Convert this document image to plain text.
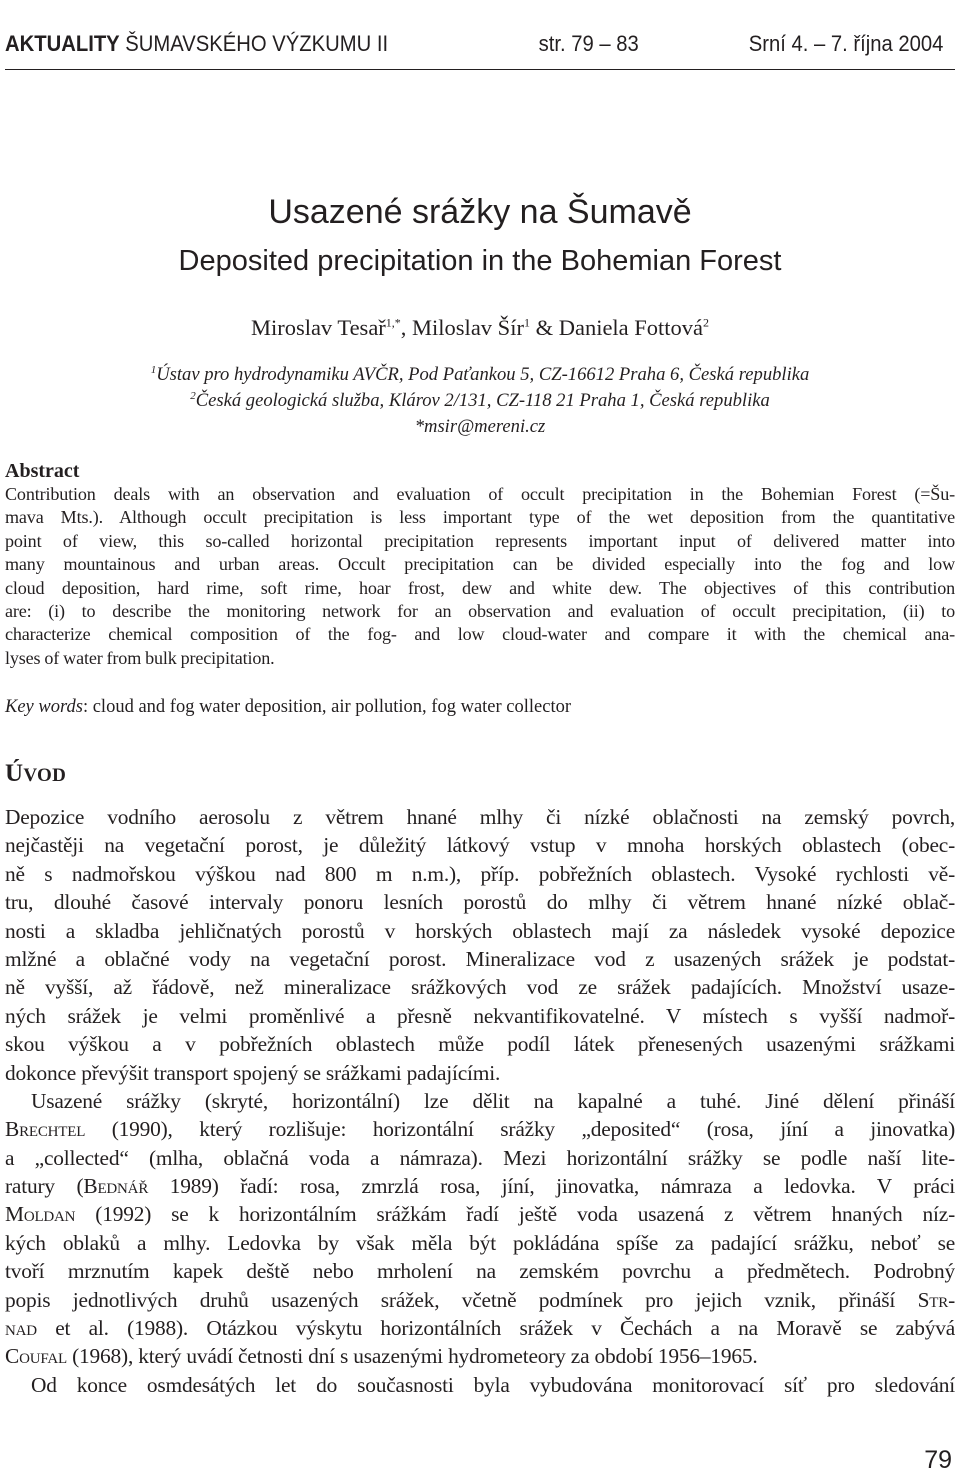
AKTUALITY ŠUMAVSKÉHO VÝZKUMU II	str. 79 – 83	Srní 4. – 7. října 2004
Usazené srážky na Šumavě
Deposited precipitation in the Bohemian Forest
Miroslav Tesař$^{1,*}$, Miloslav Šír$^1$ & Daniela Fottová$^2$
$^1$Ústav pro hydrodynamiku AVČR, Pod Paťankou 5, CZ-16612 Praha 6, Česká republika
$^2$Česká geologická služba, Klárov 2/131, CZ-118 21 Praha 1, Česká republika
*msir@mereni.cz
Abstract
Contribution deals with an observation and evaluation of occult precipitation in the Bohemian Forest (=Šu-
mava Mts.). Although occult precipitation is less important type of the wet deposition from the quantitative
point of view, this so-called horizontal precipitation represents important input of delivered matter into
many mountainous and urban areas. Occult precipitation can be divided especially into the fog and low
cloud deposition, hard rime, soft rime, hoar frost, dew and white dew. The objectives of this contribution
are: (i) to describe the monitoring network for an observation and evaluation of occult precipitation, (ii) to
characterize chemical composition of the fog- and low cloud-water and compare it with the chemical ana-
lyses of water from bulk precipitation.
Key words: cloud and fog water deposition, air pollution, fog water collector
ÚVOD
Depozice vodního aerosolu z větrem hnané mlhy či nízké oblačnosti na zemský povrch,
nejčastěji na vegetační porost, je důležitý látkový vstup v mnoha horských oblastech (obec-
ně s nadmořskou výškou nad 800 m n.m.), příp. pobřežních oblastech. Vysoké rychlosti vě-
tru, dlouhé časové intervaly ponoru lesních porostů do mlhy či větrem hnané nízké oblač-
nosti a skladba jehličnatých porostů v horských oblastech mají za následek vysoké depozice
mlžné a oblačné vody na vegetační porost. Mineralizace vod z usazených srážek je podstat-
ně vyšší, až řádově, než mineralizace srážkových vod ze srážek padajících. Množství usaze-
ných srážek je velmi proměnlivé a přesně nekvantifikovatelné. V místech s vyšší nadmoř-
skou výškou a v pobřežních oblastech může podíl látek přenesených usazenými srážkami
dokonce převýšit transport spojený se srážkami padajícími.
Usazené srážky (skryté, horizontální) lze dělit na kapalné a tuhé. Jiné dělení přináší
Brechtel (1990), který rozlišuje: horizontální srážky „deposited“ (rosa, jíní a jinovatka)
a „collected“ (mlha, oblačná voda a námraza). Mezi horizontální srážky se podle naší lite-
ratury (Bednář 1989) řadí: rosa, zmrzlá rosa, jíní, jinovatka, námraza a ledovka. V práci
Moldan (1992) se k horizontálním srážkám řadí ještě voda usazená z větrem hnaných níz-
kých oblaků a mlhy. Ledovka by však měla být pokládána spíše za padající srážku, neboť se
tvoří mrznutím kapek deště nebo mrholení na zemském povrchu a předmětech. Podrobný
popis jednotlivých druhů usazených srážek, včetně podmínek pro jejich vznik, přináší Str-
nad et al. (1988). Otázkou výskytu horizontálních srážek v Čechách a na Moravě se zabývá
Coufal (1968), který uvádí četnosti dní s usazenými hydrometeory za období 1956–1965.
Od konce osmdesátých let do současnosti byla vybudována monitorovací síť pro sledování
79
